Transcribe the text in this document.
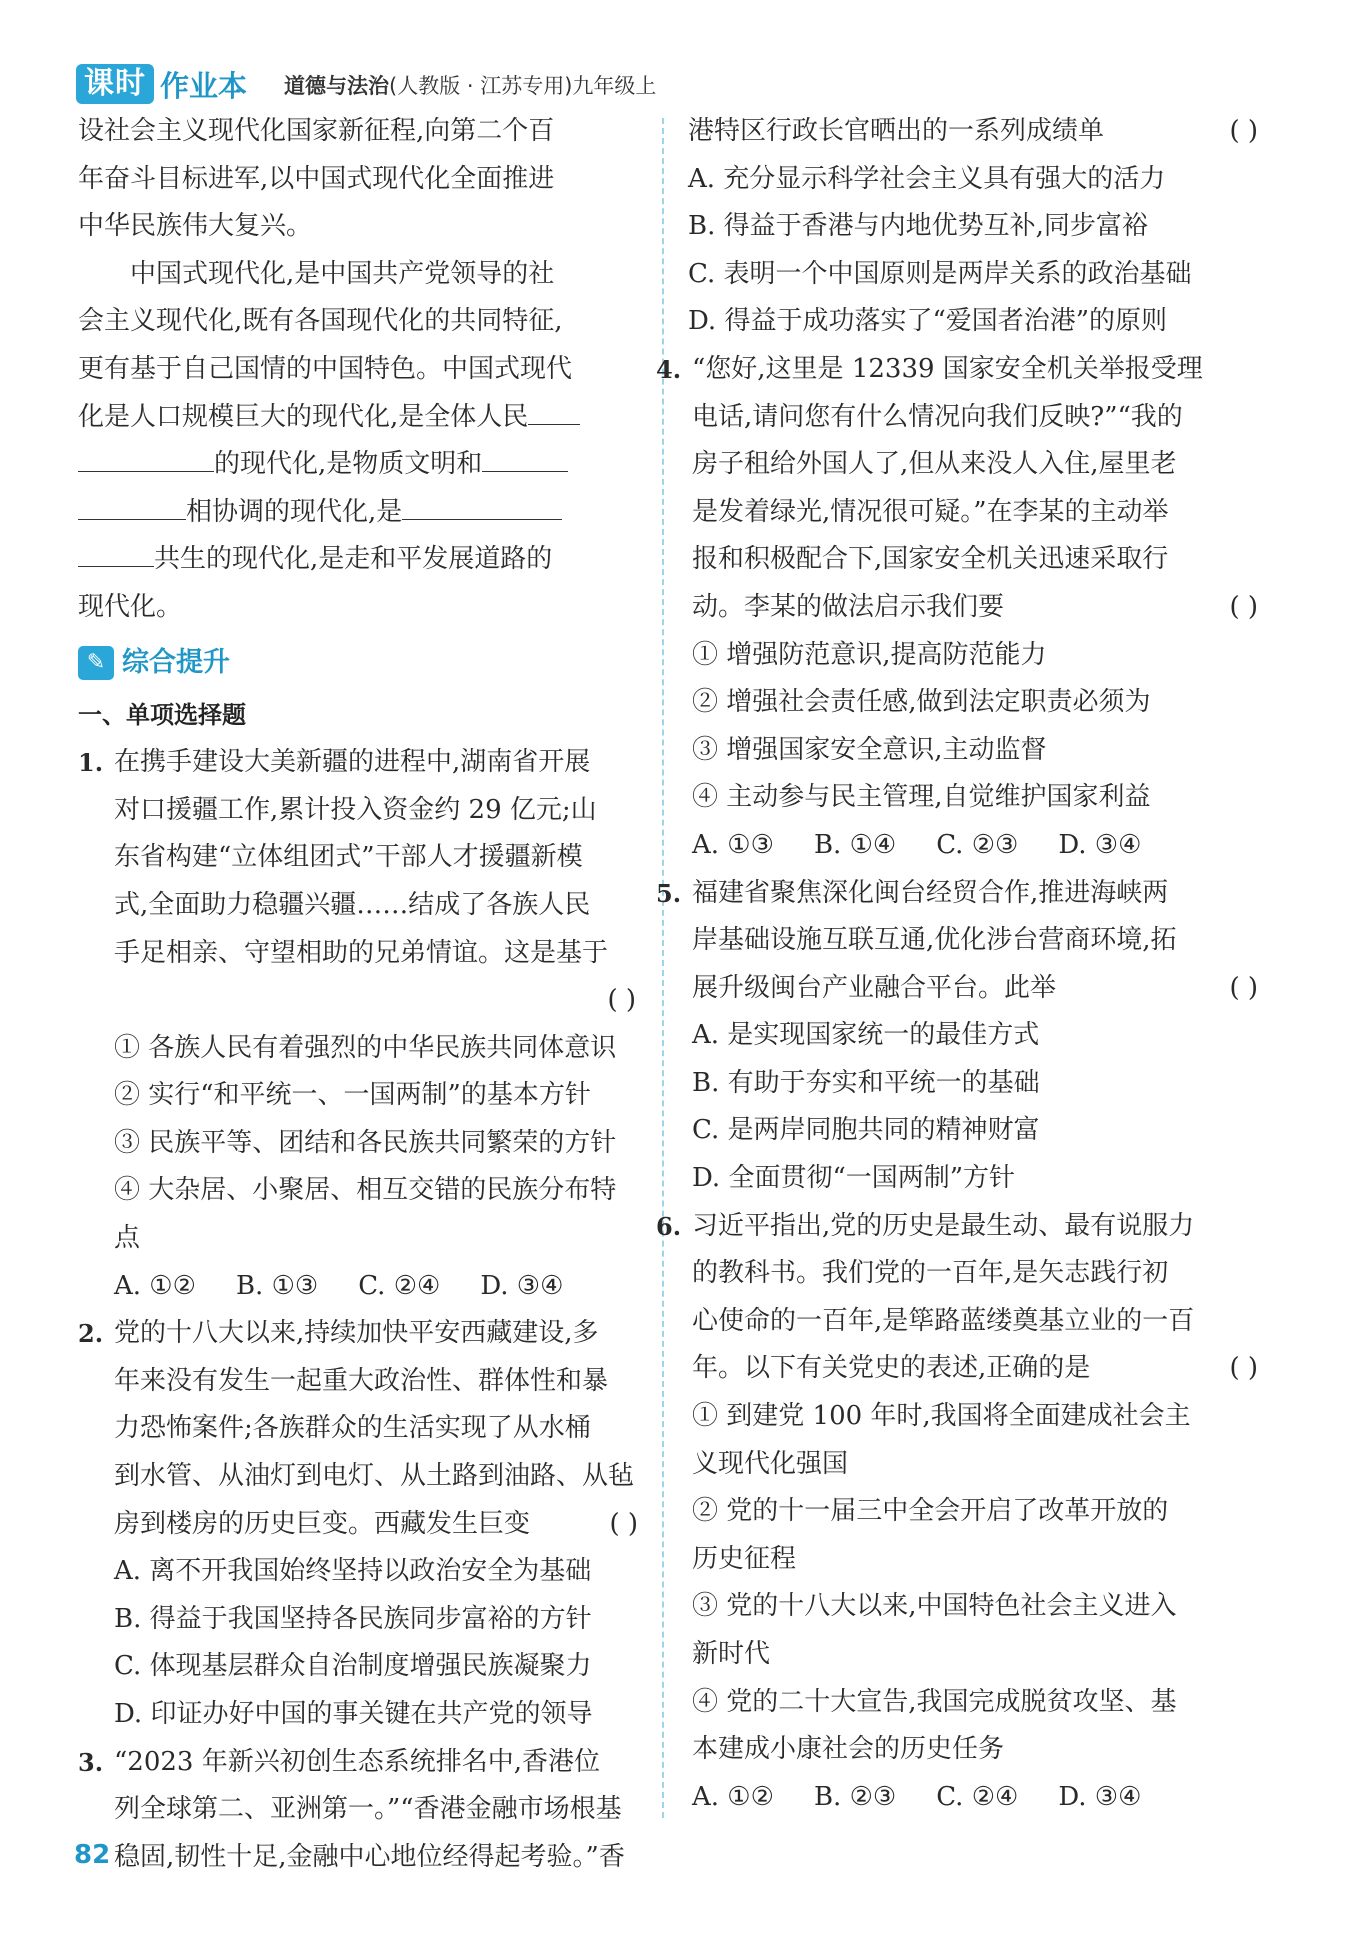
课时 作业本 道德与法治(人教版 · 江苏专用)九年级上

设社会主义现代化国家新征程,向第二个百

年奋斗目标进军,以中国式现代化全面推进

中华民族伟大复兴。

中国式现代化,是中国共产党领导的社

会主义现代化,既有各国现代化的共同特征,

更有基于自己国情的中国特色。中国式现代

化是人口规模巨大的现代化,是全体人民

的现代化,是物质文明和

相协调的现代化,是

共生的现代化,是走和平发展道路的

现代化。

✎ 综合提升

一、单项选择题

1. 在携手建设大美新疆的进程中,湖南省开展

对口援疆工作,累计投入资金约 29 亿元;山

东省构建“立体组团式”干部人才援疆新模

式,全面助力稳疆兴疆……结成了各族人民

手足相亲、守望相助的兄弟情谊。这是基于

( )

① 各族人民有着强烈的中华民族共同体意识

② 实行“和平统一、一国两制”的基本方针

③ 民族平等、团结和各民族共同繁荣的方针

④ 大杂居、小聚居、相互交错的民族分布特点

A. ①② B. ①③ C. ②④ D. ③④

2. 党的十八大以来,持续加快平安西藏建设,多

年来没有发生一起重大政治性、群体性和暴

力恐怖案件;各族群众的生活实现了从水桶

到水管、从油灯到电灯、从土路到油路、从毡

房到楼房的历史巨变。西藏发生巨变	( )

A. 离不开我国始终坚持以政治安全为基础

B. 得益于我国坚持各民族同步富裕的方针

C. 体现基层群众自治制度增强民族凝聚力

D. 印证办好中国的事关键在共产党的领导

3. “2023 年新兴初创生态系统排名中,香港位

列全球第二、亚洲第一。”“香港金融市场根基

稳固,韧性十足,金融中心地位经得起考验。”香

港特区行政长官晒出的一系列成绩单	( )

A. 充分显示科学社会主义具有强大的活力

B. 得益于香港与内地优势互补,同步富裕

C. 表明一个中国原则是两岸关系的政治基础

D. 得益于成功落实了“爱国者治港”的原则

4. “您好,这里是 12339 国家安全机关举报受理

电话,请问您有什么情况向我们反映?”“我的

房子租给外国人了,但从来没人入住,屋里老

是发着绿光,情况很可疑。”在李某的主动举

报和积极配合下,国家安全机关迅速采取行

动。李某的做法启示我们要	( )

① 增强防范意识,提高防范能力

② 增强社会责任感,做到法定职责必须为

③ 增强国家安全意识,主动监督

④ 主动参与民主管理,自觉维护国家利益

A. ①③ B. ①④ C. ②③ D. ③④

5. 福建省聚焦深化闽台经贸合作,推进海峡两

岸基础设施互联互通,优化涉台营商环境,拓

展升级闽台产业融合平台。此举	( )

A. 是实现国家统一的最佳方式

B. 有助于夯实和平统一的基础

C. 是两岸同胞共同的精神财富

D. 全面贯彻“一国两制”方针

6. 习近平指出,党的历史是最生动、最有说服力

的教科书。我们党的一百年,是矢志践行初

心使命的一百年,是筚路蓝缕奠基立业的一百

年。以下有关党史的表述,正确的是	( )

① 到建党 100 年时,我国将全面建成社会主

义现代化强国

② 党的十一届三中全会开启了改革开放的

历史征程

③ 党的十八大以来,中国特色社会主义进入

新时代

④ 党的二十大宣告,我国完成脱贫攻坚、基

本建成小康社会的历史任务

A. ①② B. ②③ C. ②④ D. ③④

82
